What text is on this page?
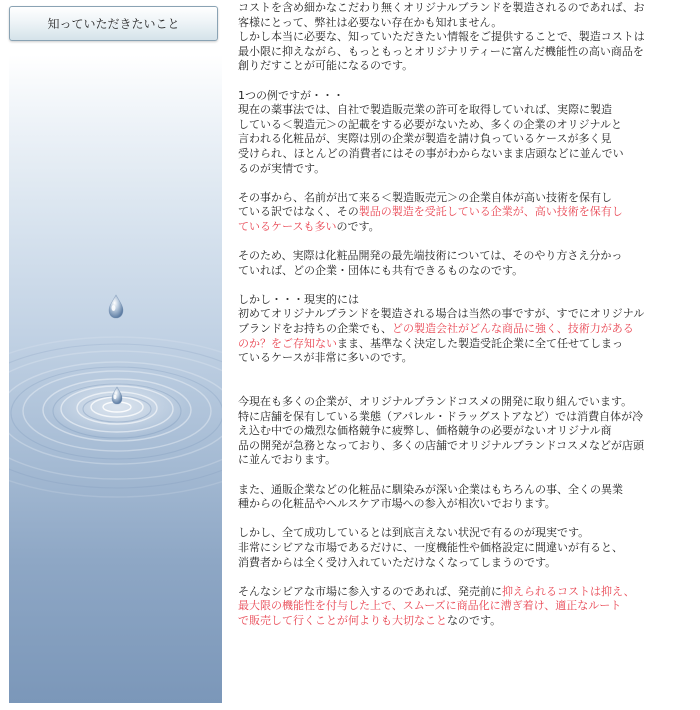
知っていただきたいこと
コストを含め細かなこだわり無くオリジナルブランドを製造されるのであれば、お
客様にとって、弊社は必要ない存在かも知れません。
しかし本当に必要な、知っていただきたい情報をご提供することで、製造コストは
最小限に抑えながら、もっともっとオリジナリティーに富んだ機能性の高い商品を
創りだすことが可能になるのです。
1つの例ですが・・・
現在の薬事法では、自社で製造販売業の許可を取得していれば、実際に製造
している＜製造元＞の記載をする必要がないため、多くの企業のオリジナルと
言われる化粧品が、実際は別の企業が製造を請け負っているケースが多く見
受けられ、ほとんどの消費者にはその事がわからないまま店頭などに並んでい
るのが実情です。
その事から、名前が出て来る＜製造販売元＞の企業自体が高い技術を保有し
ている訳ではなく、その製品の製造を受託している企業が、高い技術を保有し
ているケースも多いのです。
そのため、実際は化粧品開発の最先端技術については、そのやり方さえ分かっ
ていれば、どの企業・団体にも共有できるものなのです。
しかし・・・現実的には
初めてオリジナルブランドを製造される場合は当然の事ですが、すでにオリジナル
ブランドをお持ちの企業でも、どの製造会社がどんな商品に強く、技術力がある
のか？をご存知ないまま、基準なく決定した製造受託企業に全て任せてしまっ
ているケースが非常に多いのです。
今現在も多くの企業が、オリジナルブランドコスメの開発に取り組んでいます。
特に店舗を保有している業態（アパレル・ドラッグストアなど）では消費自体が冷
え込む中での熾烈な価格競争に疲弊し、価格競争の必要がないオリジナル商
品の開発が急務となっており、多くの店舗でオリジナルブランドコスメなどが店頭
に並んでおります。
また、通販企業などの化粧品に馴染みが深い企業はもちろんの事、全くの異業
種からの化粧品やヘルスケア市場への参入が相次いでおります。
しかし、全て成功しているとは到底言えない状況で有るのが現実です。
非常にシビアな市場であるだけに、一度機能性や価格設定に間違いが有ると、
消費者からは全く受け入れていただけなくなってしまうのです。
そんなシビアな市場に参入するのであれば、発売前に抑えられるコストは抑え、
最大限の機能性を付与した上で、スムーズに商品化に漕ぎ着け、適正なルート
で販売して行くことが何よりも大切なことなのです。
